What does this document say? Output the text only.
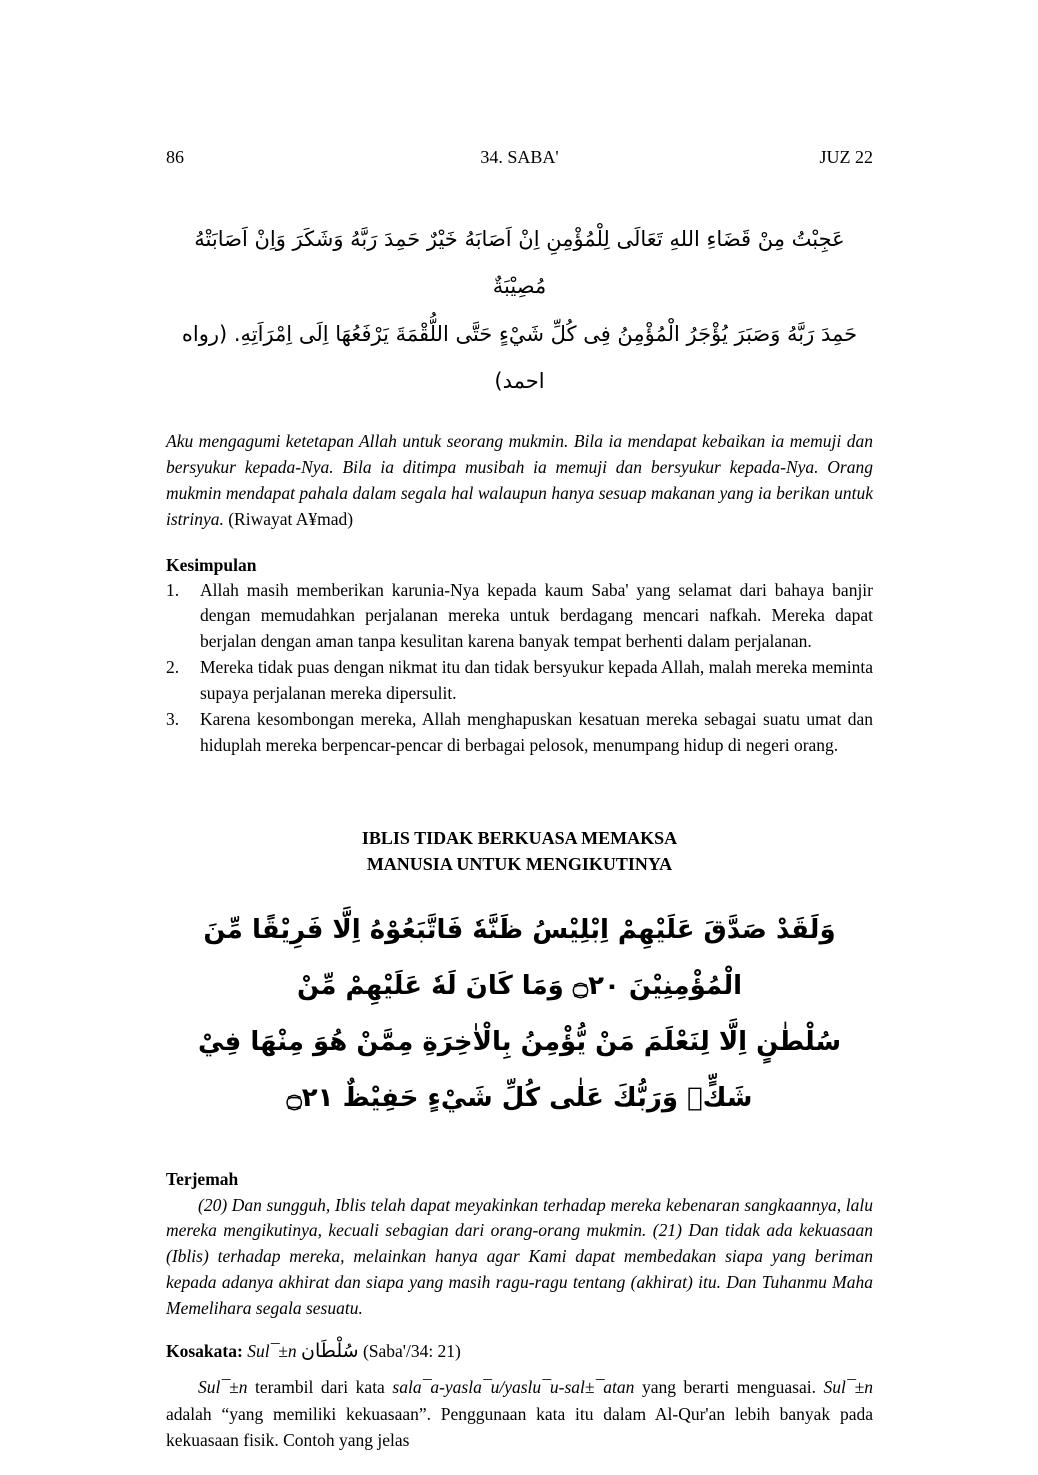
86	34. SABA'	JUZ 22
عَجِبْتُ مِنْ قَضَاءِ اللهِ تَعَالَى لِلْمُؤْمِنِ اِنْ اَصَابَهُ خَيْرٌ حَمِدَ رَبَّهُ وَشَكَرَ وَاِنْ اَصَابَتْهُ مُصِيْبَةٌ
حَمِدَ رَبَّهُ وَصَبَرَ يُؤْجَرُ الْمُؤْمِنُ فِى كُلِّ شَيْءٍ حَتَّى اللُّقْمَةَ يَرْفَعُهَا اِلَى اِمْرَاَتِهِ. (رواه احمد)
Aku mengagumi ketetapan Allah untuk seorang mukmin. Bila ia mendapat kebaikan ia memuji dan bersyukur kepada-Nya. Bila ia ditimpa musibah ia memuji dan bersyukur kepada-Nya. Orang mukmin mendapat pahala dalam segala hal walaupun hanya sesuap makanan yang ia berikan untuk istrinya. (Riwayat A¥mad)
Kesimpulan
1.	Allah masih memberikan karunia-Nya kepada kaum Saba' yang selamat dari bahaya banjir dengan memudahkan perjalanan mereka untuk berdagang mencari nafkah. Mereka dapat berjalan dengan aman tanpa kesulitan karena banyak tempat berhenti dalam perjalanan.
2.	Mereka tidak puas dengan nikmat itu dan tidak bersyukur kepada Allah, malah mereka meminta supaya perjalanan mereka dipersulit.
3.	Karena kesombongan mereka, Allah menghapuskan kesatuan mereka sebagai suatu umat dan hiduplah mereka berpencar-pencar di berbagai pelosok, menumpang hidup di negeri orang.
IBLIS TIDAK BERKUASA MEMAKSA
MANUSIA UNTUK MENGIKUTINYA
وَلَقَدْ صَدَّقَ عَلَيْهِمْ اِبْلِيْسُ ظَنَّهٗ فَاتَّبَعُوْهُ اِلَّا فَرِيْقًا مِّنَ الْمُؤْمِنِيْنَ ۝٢٠ وَمَا كَانَ لَهٗ عَلَيْهِمْ مِّنْ
سُلْطٰنٍ اِلَّا لِنَعْلَمَ مَنْ يُّؤْمِنُ بِالْاٰخِرَةِ مِمَّنْ هُوَ مِنْهَا فِيْ شَكٍّۗ وَرَبُّكَ عَلٰى كُلِّ شَيْءٍ حَفِيْظٌ ۝٢١
Terjemah
(20) Dan sungguh, Iblis telah dapat meyakinkan terhadap mereka kebenaran sangkaannya, lalu mereka mengikutinya, kecuali sebagian dari orang-orang mukmin. (21) Dan tidak ada kekuasaan (Iblis) terhadap mereka, melainkan hanya agar Kami dapat membedakan siapa yang beriman kepada adanya akhirat dan siapa yang masih ragu-ragu tentang (akhirat) itu. Dan Tuhanmu Maha Memelihara segala sesuatu.
Kosakata: Sul¯±n سُلْطَان (Saba'/34: 21)
Sul¯±n terambil dari kata sala¯a-yasla¯u/yaslu¯u-sal±¯atan yang berarti menguasai. Sul¯±n adalah “yang memiliki kekuasaan”. Penggunaan kata itu dalam Al-Qur'an lebih banyak pada kekuasaan fisik. Contoh yang jelas
